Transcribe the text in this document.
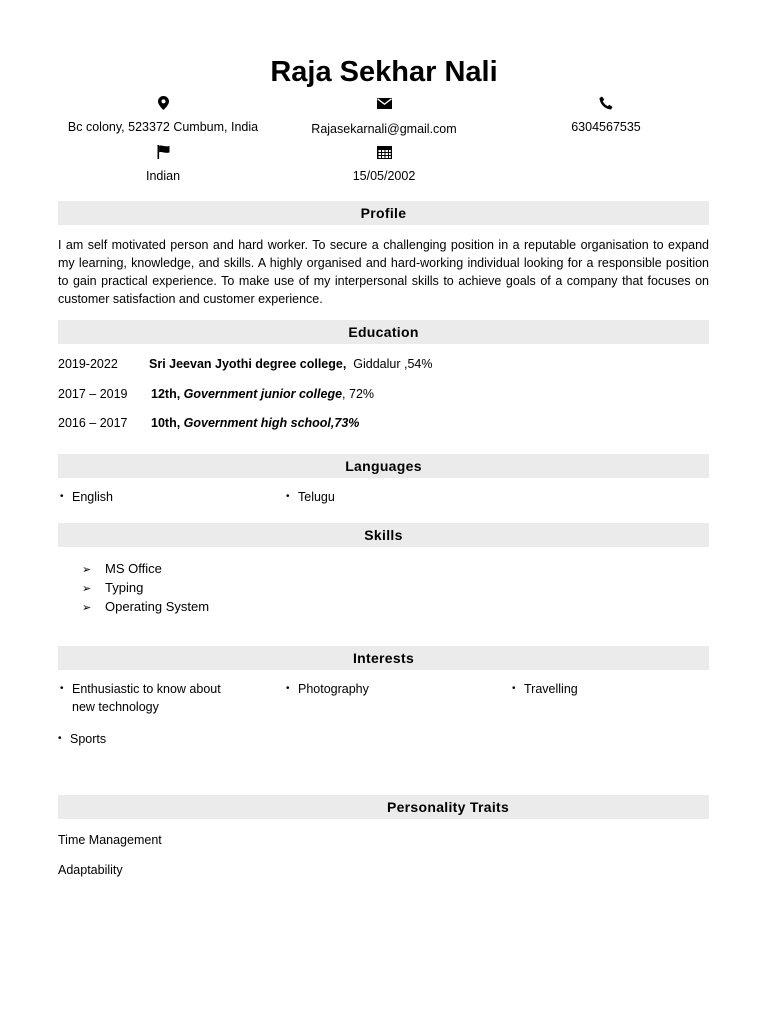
Raja Sekhar Nali
Bc colony, 523372 Cumbum, India	Rajasekarnali@gmail.com	6304567535
Indian	15/05/2002
Profile
I am self motivated person and hard worker. To secure a challenging position in a reputable organisation to expand my learning, knowledge, and skills. A highly organised and hard-working individual looking for a responsible position to gain practical experience. To make use of my interpersonal skills to achieve goals of a company that focuses on customer satisfaction and customer experience.
Education
2019-2022 Sri Jeevan Jyothi degree college,  Giddalur ,54%
2017 – 2019 12th, Government junior college, 72%
2016 – 2017 10th, Government high school,73%
Languages
• English	• Telugu
Skills
➢ MS Office
➢ Typing
➢ Operating System
Interests
• Enthusiastic to know about
new technology
• Photography	• Travelling
• Sports
Personality Traits
Time Management
Adaptability
